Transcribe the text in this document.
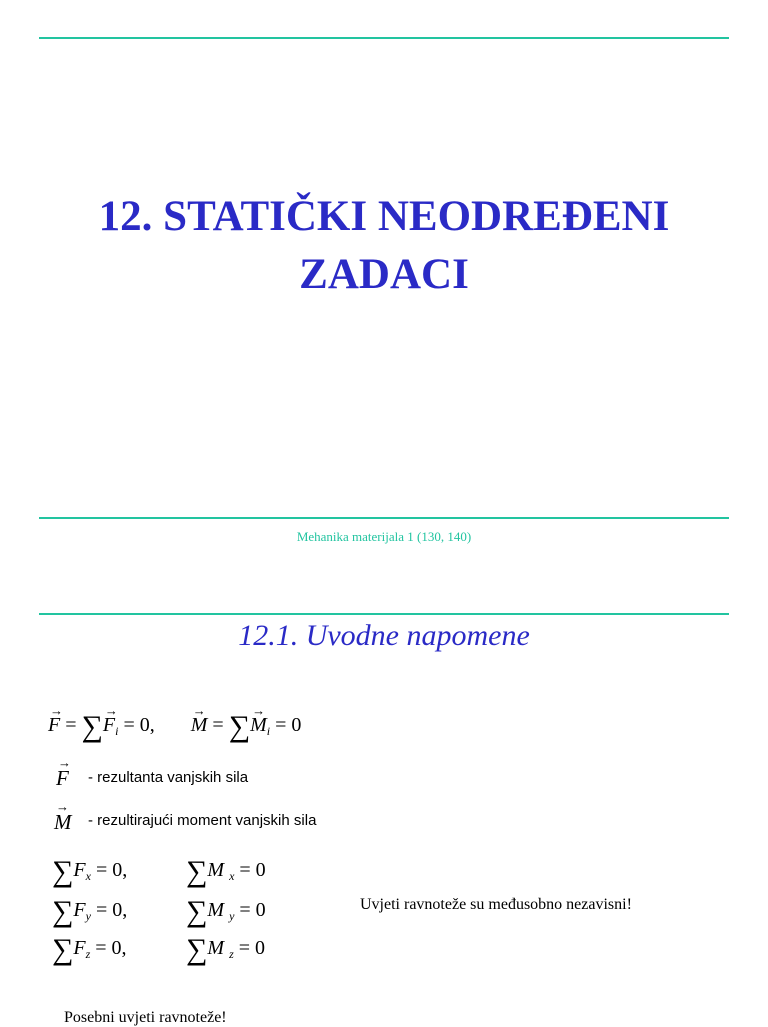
12. STATIČKI NEODREĐENI
ZADACI
Mehanika materijala 1 (130, 140)
12.1. Uvodne napomene
→ F = ∑→ $F_i = 0,\to M$ = ∑→ $M_i = 0$
→ F - rezultanta vanjskih sila
→ M - rezultirajući moment vanjskih sila
$\sum F_x = 0$, ∑M $_x$ = 0
$\sum F_y = 0$, ∑M $_y$ = 0
$\sum F_z = 0$, ∑M $_z$ = 0
Uvjeti ravnoteže su međusobno nezavisni!
Posebni uvjeti ravnoteže!
